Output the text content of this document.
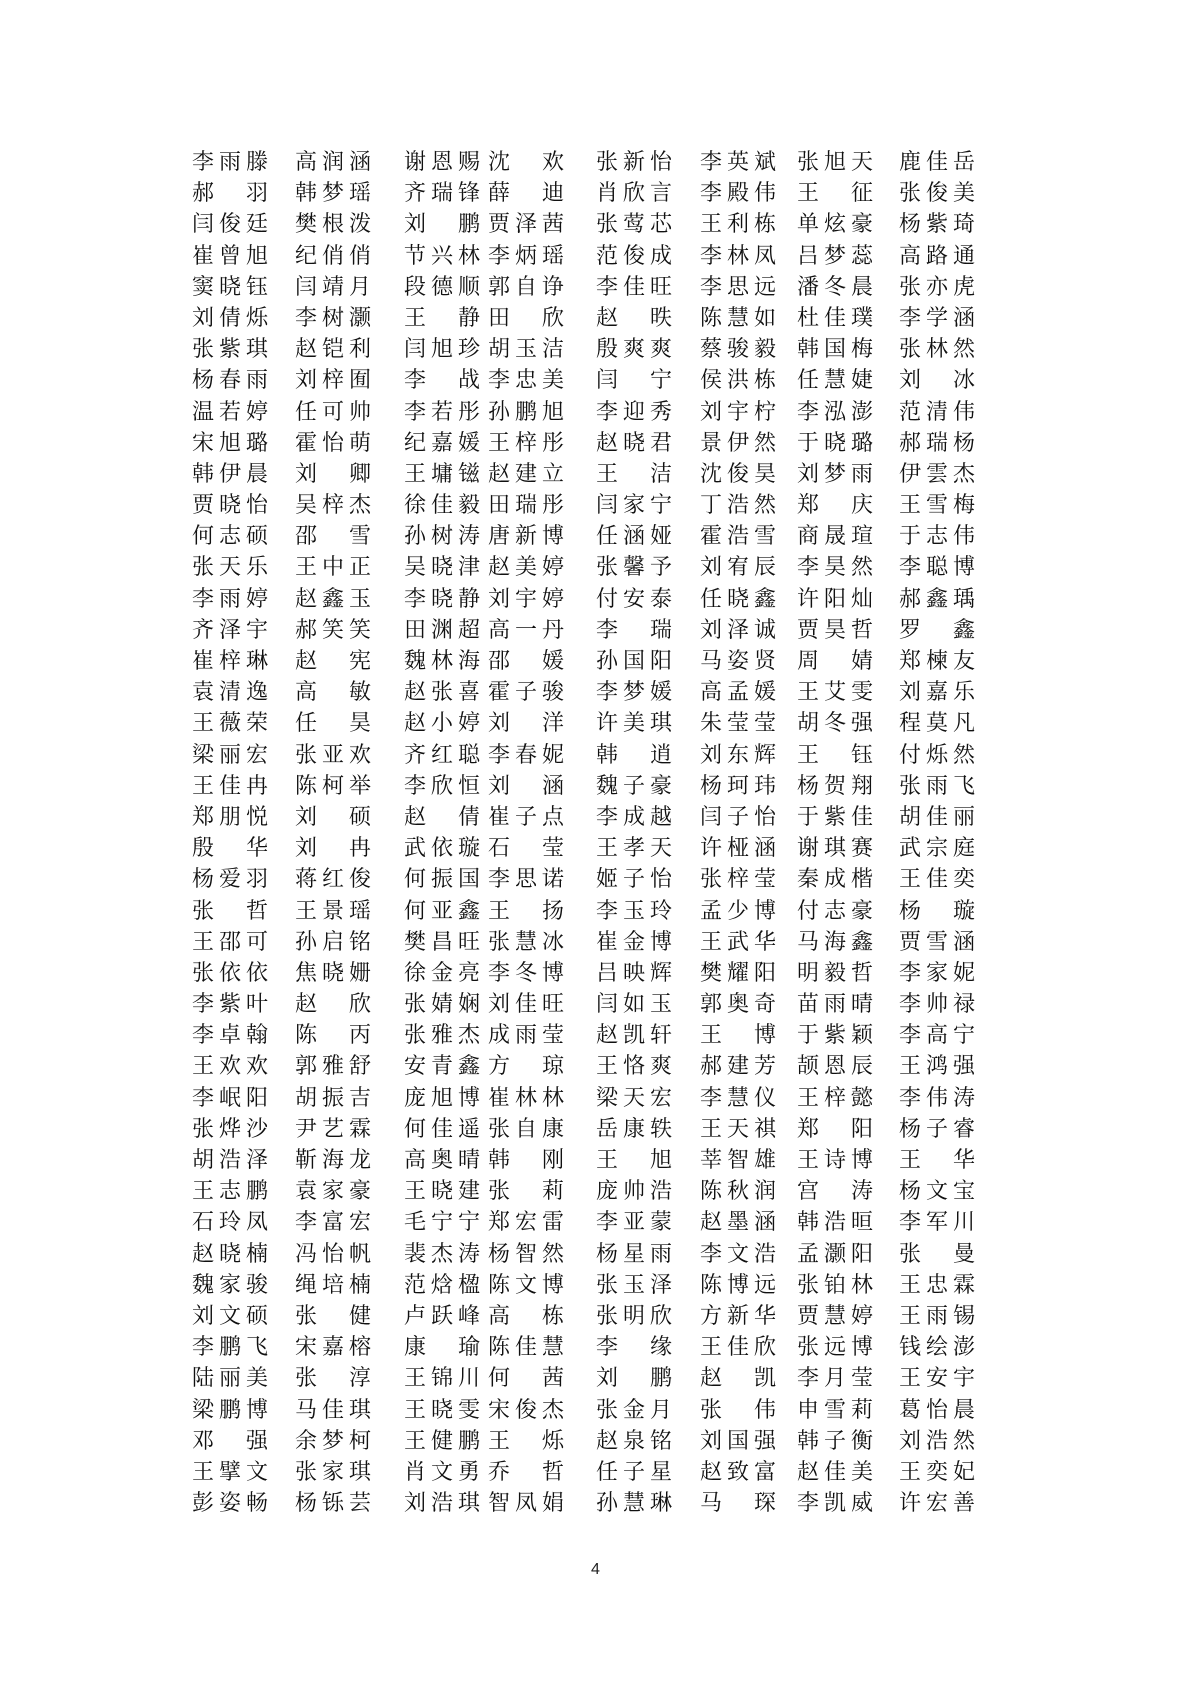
李 雨 滕 高 润 涵 谢 恩 赐 沈 欢 张 新 怡 李 英 斌 张 旭 天 鹿 佳 岳
郝 羽 韩 梦 瑶 齐 瑞 锋 薛 迪 肖 欣 言 李 殿 伟 王 征 张 俊 美
闫 俊 廷 樊 根 泼 刘 鹏 贾 泽 茜 张 莺 芯 王 利 栋 单 炫 豪 杨 紫 琦
崔 曾 旭 纪 俏 俏 节 兴 林 李 炳 瑶 范 俊 成 李 林 凤 吕 梦 蕊 高 路 通
窦 晓 钰 闫 靖 月 段 德 顺 郭 自 诤 李 佳 旺 李 思 远 潘 冬 晨 张 亦 虎
刘 倩 烁 李 树 灏 王 静 田 欣 赵 昳 陈 慧 如 杜 佳 璞 李 学 涵
张 紫 琪 赵 铠 利 闫 旭 珍 胡 玉 洁 殷 爽 爽 蔡 骏 毅 韩 国 梅 张 林 然
杨 春 雨 刘 梓 囿 李 战 李 忠 美 闫 宁 侯 洪 栋 任 慧 婕 刘 冰
温 若 婷 任 可 帅 李 若 彤 孙 鹏 旭 李 迎 秀 刘 宇 柠 李 泓 澎 范 清 伟
宋 旭 璐 霍 怡 萌 纪 嘉 媛 王 梓 彤 赵 晓 君 景 伊 然 于 晓 璐 郝 瑞 杨
韩 伊 晨 刘 卿 王 墉 镃 赵 建 立 王 洁 沈 俊 昊 刘 梦 雨 伊 雲 杰
贾 晓 怡 吴 梓 杰 徐 佳 毅 田 瑞 彤 闫 家 宁 丁 浩 然 郑 庆 王 雪 梅
何 志 硕 邵 雪 孙 树 涛 唐 新 博 任 涵 娅 霍 浩 雪 商 晟 瑄 于 志 伟
张 天 乐 王 中 正 吴 晓 津 赵 美 婷 张 馨 予 刘 宥 辰 李 昊 然 李 聪 博
李 雨 婷 赵 鑫 玉 李 晓 静 刘 宇 婷 付 安 泰 任 晓 鑫 许 阳 灿 郝 鑫 瑀
齐 泽 宇 郝 笑 笑 田 渊 超 高 一 丹 李 瑞 刘 泽 诚 贾 昊 哲 罗 鑫
崔 梓 琳 赵 宪 魏 林 海 邵 媛 孙 国 阳 马 姿 贤 周 婧 郑 楝 友
袁 清 逸 高 敏 赵 张 喜 霍 子 骏 李 梦 媛 高 孟 媛 王 艾 雯 刘 嘉 乐
王 薇 荣 任 昊 赵 小 婷 刘 洋 许 美 琪 朱 莹 莹 胡 冬 强 程 莫 凡
梁 丽 宏 张 亚 欢 齐 红 聪 李 春 妮 韩 逍 刘 东 辉 王 钰 付 烁 然
王 佳 冉 陈 柯 举 李 欣 恒 刘 涵 魏 子 豪 杨 珂 玮 杨 贺 翔 张 雨 飞
郑 朋 悦 刘 硕 赵 倩 崔 子 点 李 成 越 闫 子 怡 于 紫 佳 胡 佳 丽
殷 华 刘 冉 武 依 璇 石 莹 王 孝 天 许 桠 涵 谢 琪 赛 武 宗 庭
杨 爱 羽 蒋 红 俊 何 振 国 李 思 诺 姬 子 怡 张 梓 莹 秦 成 楷 王 佳 奕
张 哲 王 景 瑶 何 亚 鑫 王 扬 李 玉 玲 孟 少 博 付 志 豪 杨 璇
王 邵 可 孙 启 铭 樊 昌 旺 张 慧 冰 崔 金 博 王 武 华 马 海 鑫 贾 雪 涵
张 依 依 焦 晓 姗 徐 金 亮 李 冬 博 吕 映 辉 樊 耀 阳 明 毅 哲 李 家 妮
李 紫 叶 赵 欣 张 婧 娴 刘 佳 旺 闫 如 玉 郭 奥 奇 苗 雨 晴 李 帅 禄
李 卓 翰 陈 丙 张 雅 杰 成 雨 莹 赵 凯 轩 王 博 于 紫 颖 李 高 宁
王 欢 欢 郭 雅 舒 安 青 鑫 方 琼 王 恪 爽 郝 建 芳 颉 恩 辰 王 鸿 强
李 岷 阳 胡 振 吉 庞 旭 博 崔 林 林 梁 天 宏 李 慧 仪 王 梓 懿 李 伟 涛
张 烨 沙 尹 艺 霖 何 佳 遥 张 自 康 岳 康 轶 王 天 祺 郑 阳 杨 子 睿
胡 浩 泽 靳 海 龙 高 奥 晴 韩 刚 王 旭 莘 智 雄 王 诗 博 王 华
王 志 鹏 袁 家 豪 王 晓 建 张 莉 庞 帅 浩 陈 秋 润 宫 涛 杨 文 宝
石 玲 凤 李 富 宏 毛 宁 宁 郑 宏 雷 李 亚 蒙 赵 墨 涵 韩 浩 晅 李 军 川
赵 晓 楠 冯 怡 帆 裴 杰 涛 杨 智 然 杨 星 雨 李 文 浩 孟 灏 阳 张 曼
魏 家 骏 绳 培 楠 范 焓 楹 陈 文 博 张 玉 泽 陈 博 远 张 铂 林 王 忠 霖
刘 文 硕 张 健 卢 跃 峰 高 栋 张 明 欣 方 新 华 贾 慧 婷 王 雨 锡
李 鹏 飞 宋 嘉 榕 康 瑜 陈 佳 慧 李 缘 王 佳 欣 张 远 博 钱 绘 澎
陆 丽 美 张 淳 王 锦 川 何 茜 刘 鹏 赵 凯 李 月 莹 王 安 宇
梁 鹏 博 马 佳 琪 王 晓 雯 宋 俊 杰 张 金 月 张 伟 申 雪 莉 葛 怡 晨
邓 强 余 梦 柯 王 健 鹏 王 烁 赵 泉 铭 刘 国 强 韩 子 衡 刘 浩 然
王 擘 文 张 家 琪 肖 文 勇 乔 哲 任 子 星 赵 致 富 赵 佳 美 王 奕 妃
彭 姿 畅 杨 铄 芸 刘 浩 琪 智 凤 娟 孙 慧 琳 马 琛 李 凯 威 许 宏 善
4
